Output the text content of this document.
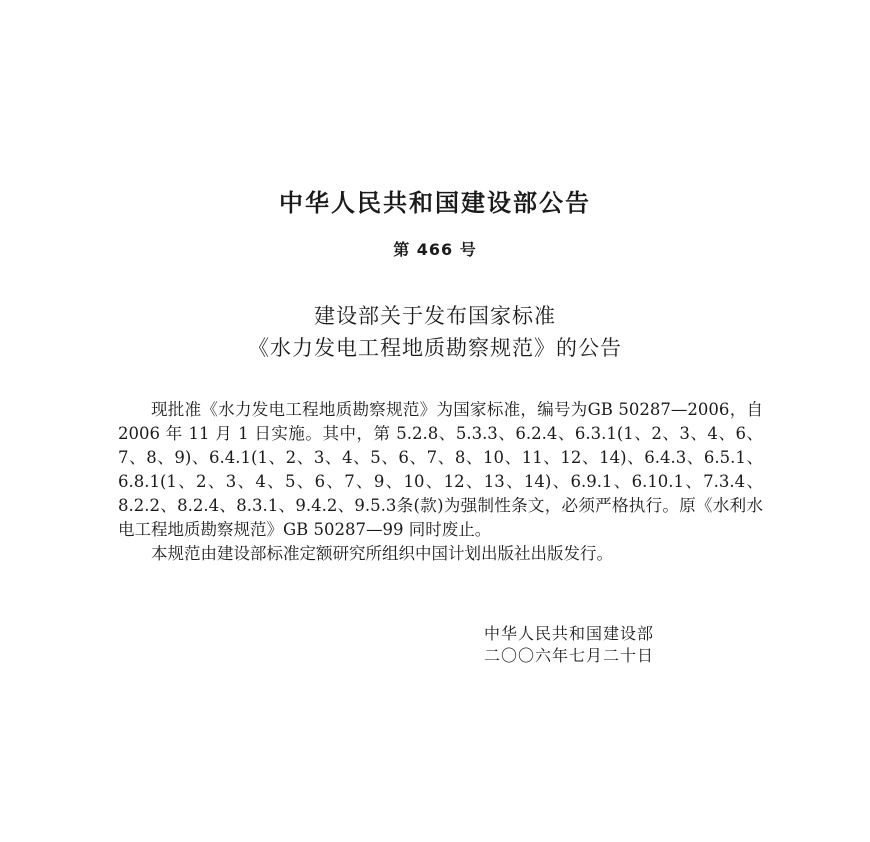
中华人民共和国建设部公告
第 466 号
建设部关于发布国家标准
《水力发电工程地质勘察规范》的公告

现批准《水力发电工程地质勘察规范》为国家标准，编号为GB 50287—2006，自 2006 年 11 月 1 日实施。其中，第 5.2.8、5.3.3、6.2.4、6.3.1(1、2、3、4、6、7、8、9)、6.4.1(1、2、3、4、5、6、7、8、10、11、12、14)、6.4.3、6.5.1、6.8.1(1、2、3、4、5、6、7、9、10、12、13、14)、6.9.1、6.10.1、7.3.4、8.2.2、8.2.4、8.3.1、9.4.2、9.5.3条(款)为强制性条文，必须严格执行。原《水利水电工程地质勘察规范》GB 50287—99 同时废止。

本规范由建设部标准定额研究所组织中国计划出版社出版发行。

中华人民共和国建设部
二〇〇六年七月二十日
